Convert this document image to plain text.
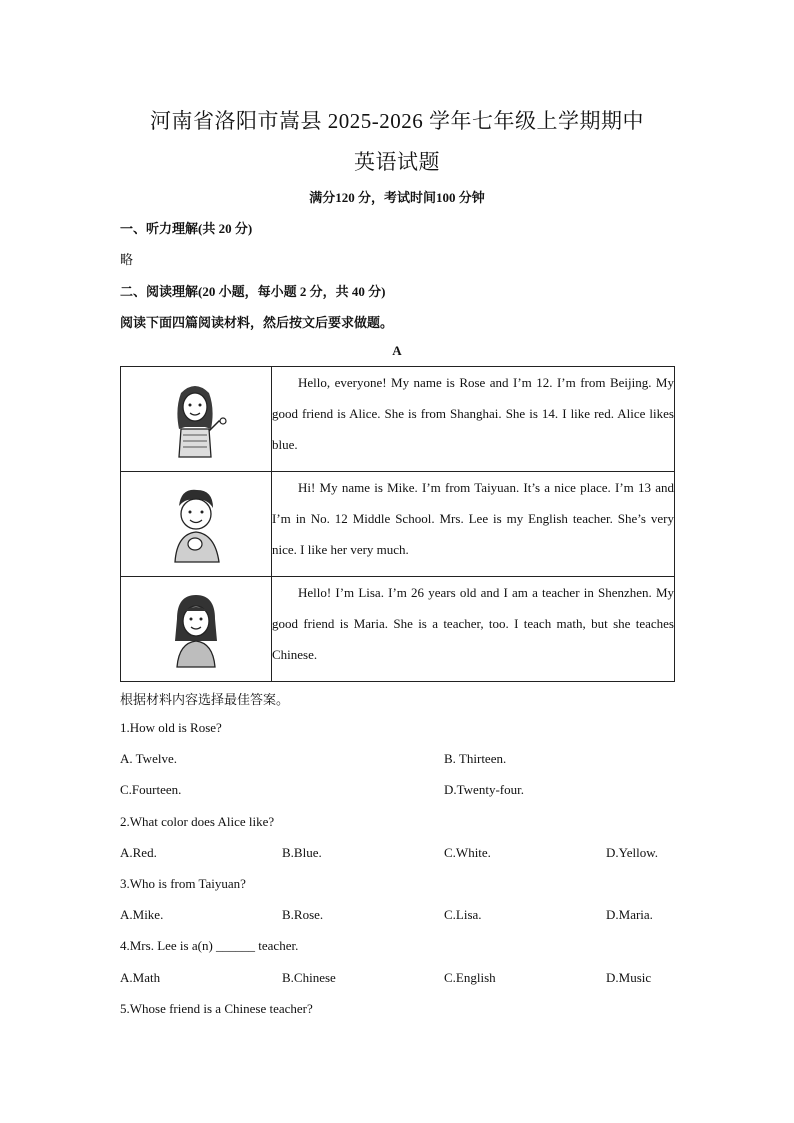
河南省洛阳市嵩县 2025-2026 学年七年级上学期期中
英语试题
满分120 分，考试时间100 分钟
一、听力理解(共 20 分)
略
二、阅读理解(20 小题，每小题 2 分，共 40 分)
阅读下面四篇阅读材料，然后按文后要求做题。
A

Hello, everyone! My name is Rose and I’m 12. I’m from Beijing. My good friend is Alice. She is from Shanghai. She is 14. I like red. Alice likes blue.

Hi! My name is Mike. I’m from Taiyuan. It’s a nice place. I’m 13 and I’m in No. 12 Middle School. Mrs. Lee is my English teacher. She’s very nice. I like her very much.

Hello! I’m Lisa. I’m 26 years old and I am a teacher in Shenzhen. My good friend is Maria. She is a teacher, too. I teach math, but she teaches Chinese.

根据材料内容选择最佳答案。
1.How old is Rose?
A. Twelve.	B. Thirteen.
C.Fourteen.	D.Twenty-four.
2.What color does Alice like?
A.Red.	B.Blue.	C.White.	D.Yellow.
3.Who is from Taiyuan?
A.Mike.	B.Rose.	C.Lisa.	D.Maria.
4.Mrs. Lee is a(n) ______ teacher.
A.Math	B.Chinese	C.English	D.Music
5.Whose friend is a Chinese teacher?
